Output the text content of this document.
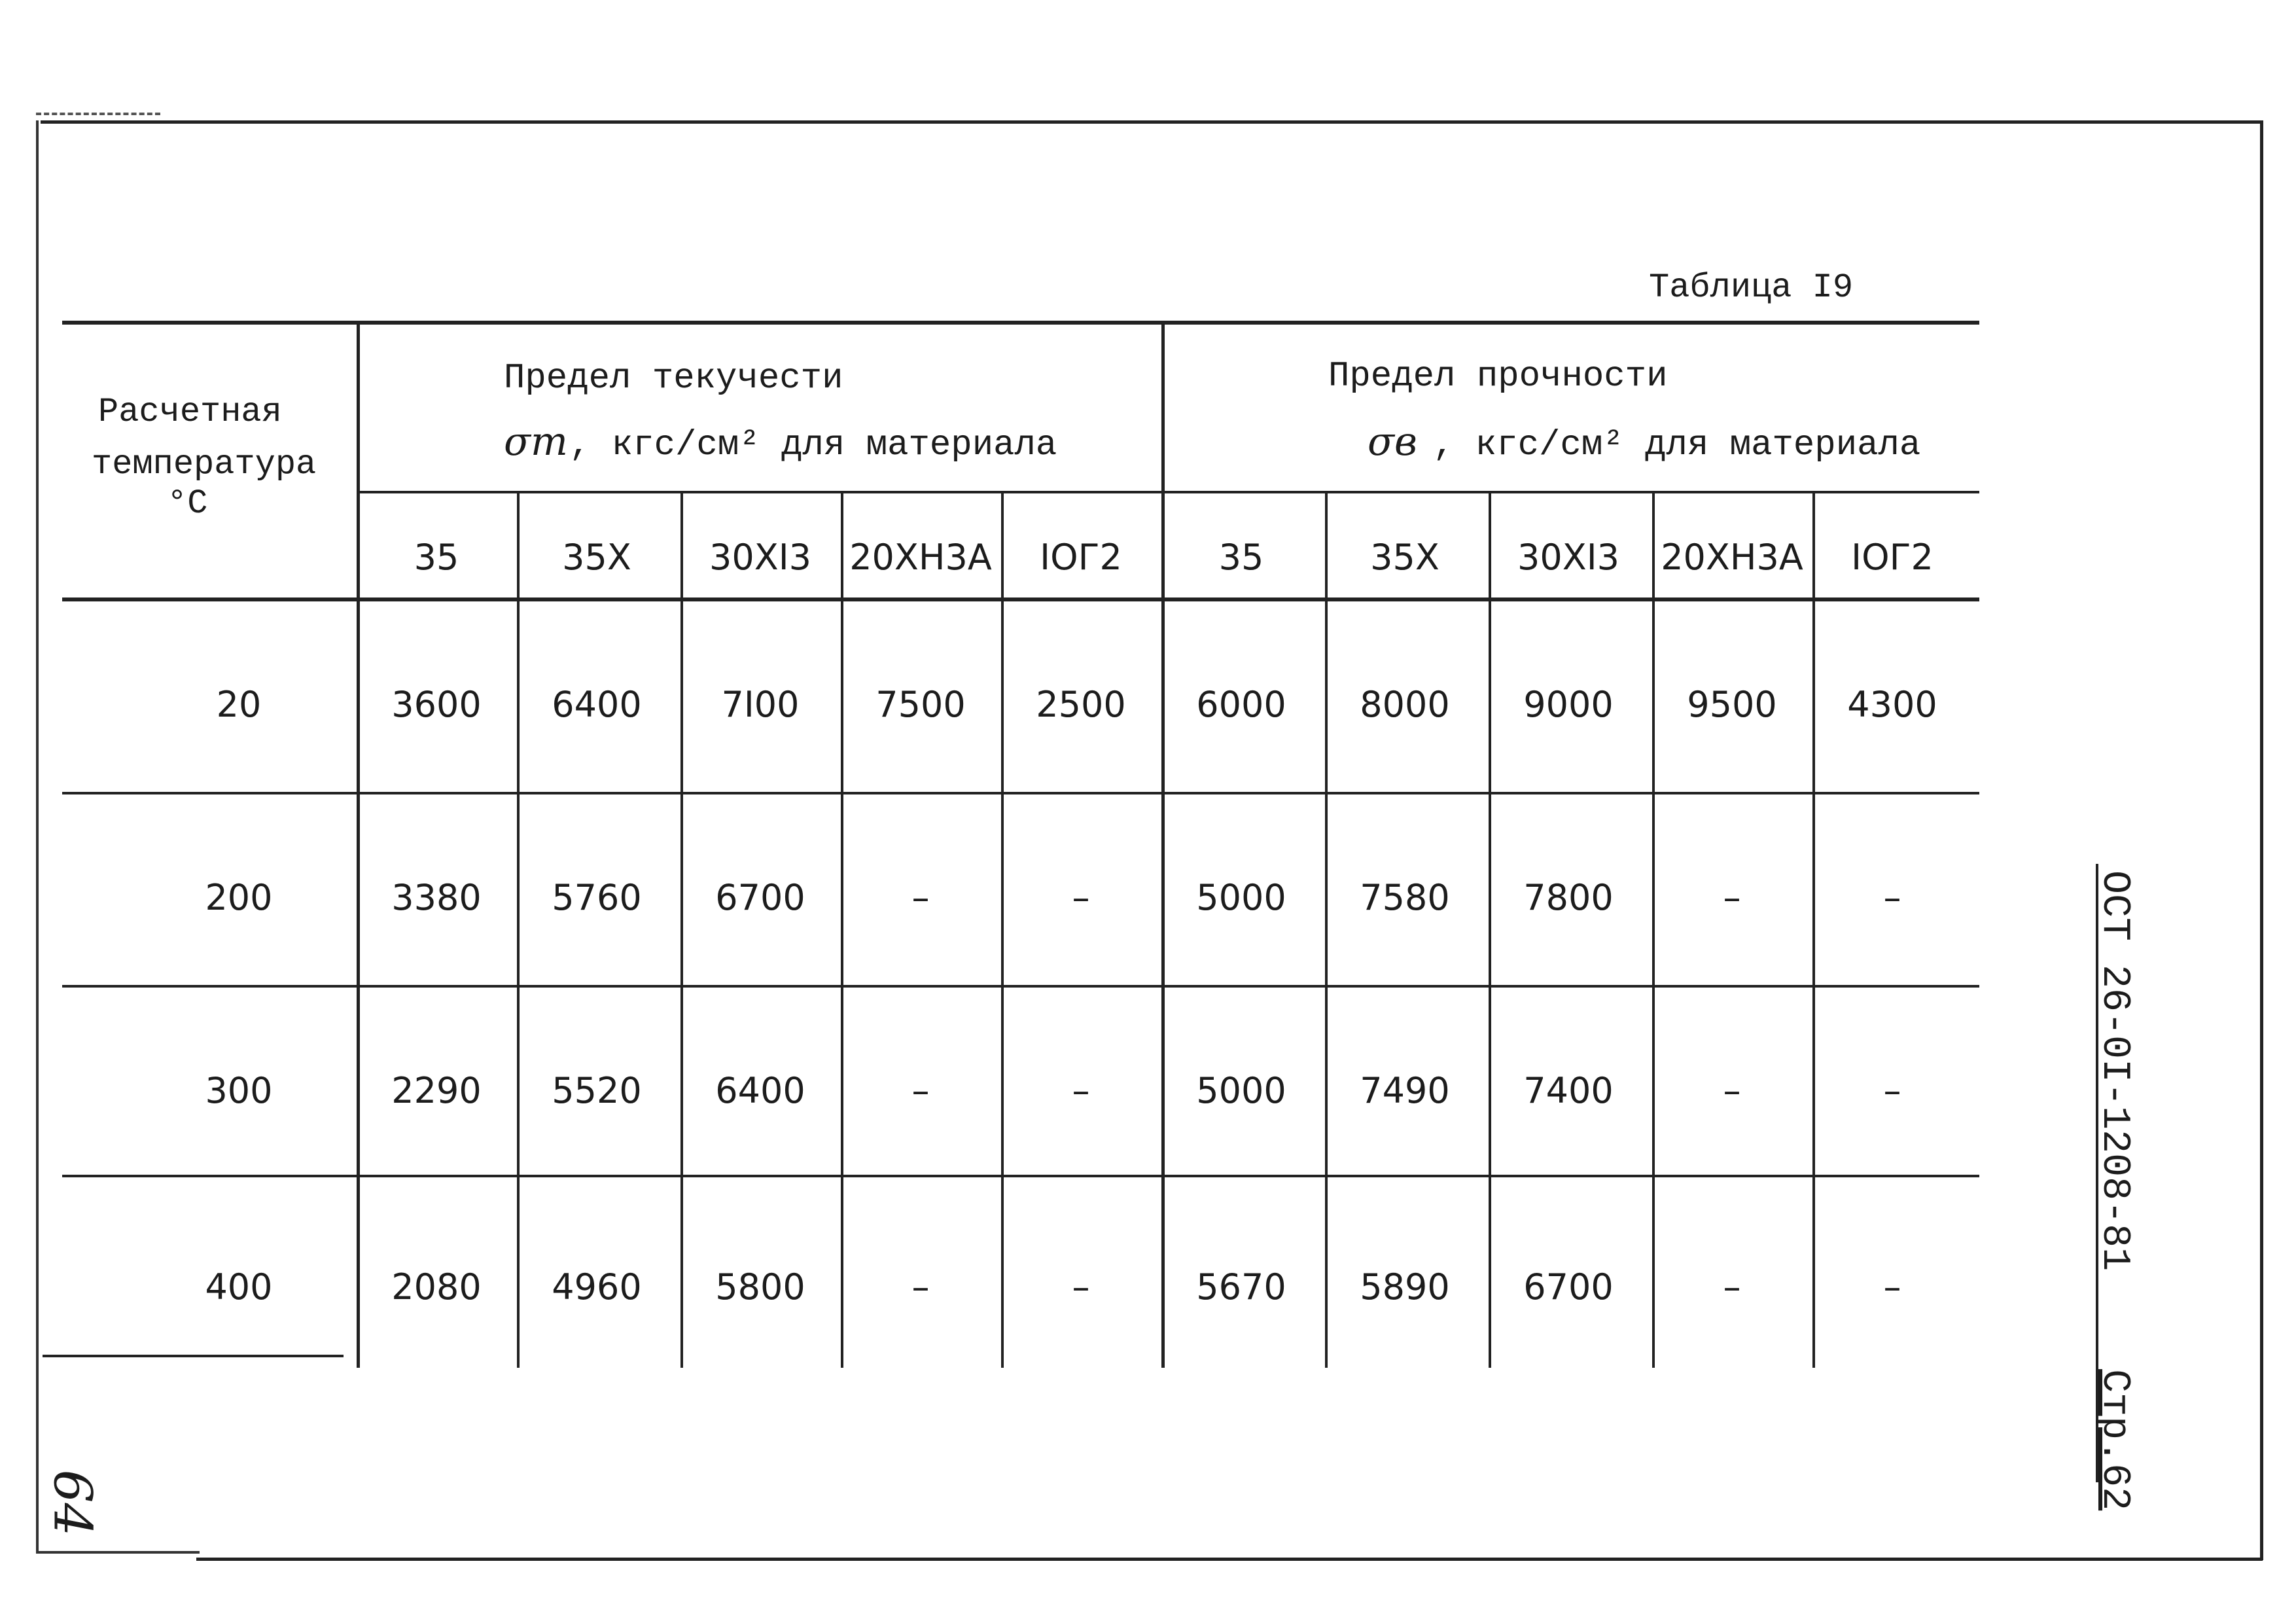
Таблица I9
Расчетная
температура
°C
Предел текучести
σт , кгс/см² для материала
Предел прочности
σв , кгс/см² для материала
35	35Х	30ХI3	20ХН3А	IОГ2	35	35Х	30ХI3	20ХН3А	IОГ2
20	3600	6400	7I00	7500	2500	6000	8000	9000	9500	4300
200	3380	5760	6700	–	–	5000	7580	7800	–	–
300	2290	5520	6400	–	–	5000	7490	7400	–	–
400	2080	4960	5800	–	–	5670	5890	6700	–	–
ОСТ 26-0I-1208-81Стр.62
64
